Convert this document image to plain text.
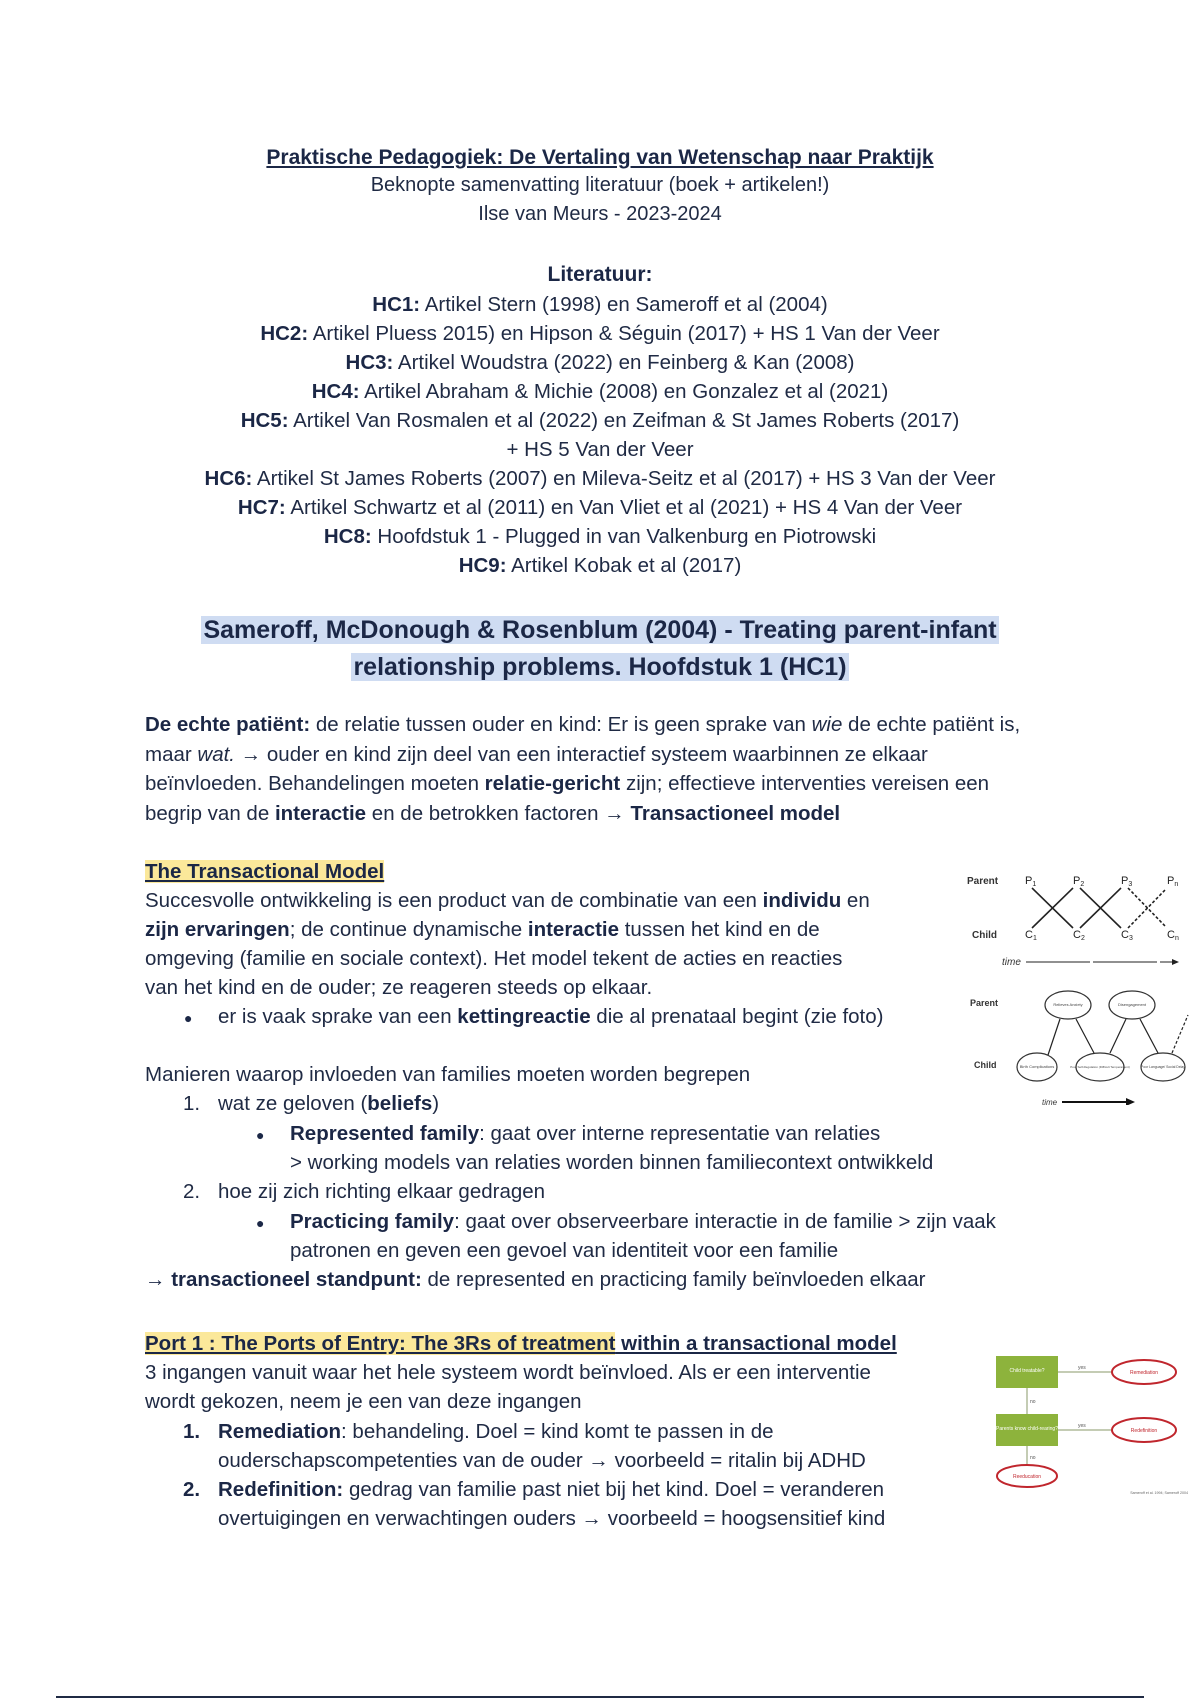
Praktische Pedagogiek: De Vertaling van Wetenschap naar Praktijk
Beknopte samenvatting literatuur (boek + artikelen!)
Ilse van Meurs - 2023-2024
Literatuur:
HC1: Artikel Stern (1998) en Sameroff et al (2004)
HC2: Artikel Pluess 2015) en Hipson & Séguin (2017) + HS 1 Van der Veer
HC3: Artikel Woudstra (2022) en Feinberg & Kan (2008)
HC4: Artikel Abraham & Michie (2008) en Gonzalez et al (2021)
HC5: Artikel Van Rosmalen et al (2022) en Zeifman & St James Roberts (2017)
+ HS 5 Van der Veer
HC6: Artikel St James Roberts (2007) en Mileva-Seitz et al (2017) + HS 3 Van der Veer
HC7: Artikel Schwartz et al (2011) en Van Vliet et al (2021) + HS 4 Van der Veer
HC8: Hoofdstuk 1 - Plugged in van Valkenburg en Piotrowski
HC9: Artikel Kobak et al (2017)
Sameroff, McDonough & Rosenblum (2004) - Treating parent-infant
relationship problems. Hoofdstuk 1 (HC1)
De echte patiënt: de relatie tussen ouder en kind: Er is geen sprake van wie de echte patiënt is, maar wat. → ouder en kind zijn deel van een interactief systeem waarbinnen ze elkaar beïnvloeden. Behandelingen moeten relatie-gericht zijn; effectieve interventies vereisen een begrip van de interactie en de betrokken factoren → Transactioneel model
The Transactional Model
Succesvolle ontwikkeling is een product van de combinatie van een individu en
zijn ervaringen; de continue dynamische interactie tussen het kind en de
omgeving (familie en sociale context). Het model tekent de acties en reacties
van het kind en de ouder; ze reageren steeds op elkaar.
● er is vaak sprake van een kettingreactie die al prenataal begint (zie foto)
Manieren waarop invloeden van families moeten worden begrepen
1. wat ze geloven (beliefs)
● Represented family: gaat over interne representatie van relaties
> working models van relaties worden binnen familiecontext ontwikkeld
2. hoe zij zich richting elkaar gedragen
● Practicing family: gaat over observeerbare interactie in de familie > zijn vaak
patronen en geven een gevoel van identiteit voor een familie
→ transactioneel standpunt: de represented en practicing family beïnvloeden elkaar
Parent
Child
P1	P2	P3	Pn
C1	C2	C3	Cn
time
Parent
Child
Relieves Anxiety	Disengagement
Birth Complications	Poor Self-Regulation (Difficult Temperament)	Poor Language/ Social Delay
time
Port 1 : The Ports of Entry: The 3Rs of treatment within a transactional model
3 ingangen vanuit waar het hele systeem wordt beïnvloed. Als er een interventie
wordt gekozen, neem je een van deze ingangen
1. Remediation: behandeling. Doel = kind komt te passen in de
ouderschapscompetenties van de ouder → voorbeeld = ritalin bij ADHD
2. Redefinition: gedrag van familie past niet bij het kind. Doel = veranderen
overtuigingen en verwachtingen ouders → voorbeeld = hoogsensitief kind
Child treatable?
Parents know child-rearing?
yes
yes
no
no
Remediation
Redefinition
Reeducation
Sameroff et al. 1994; Sameroff 2004
